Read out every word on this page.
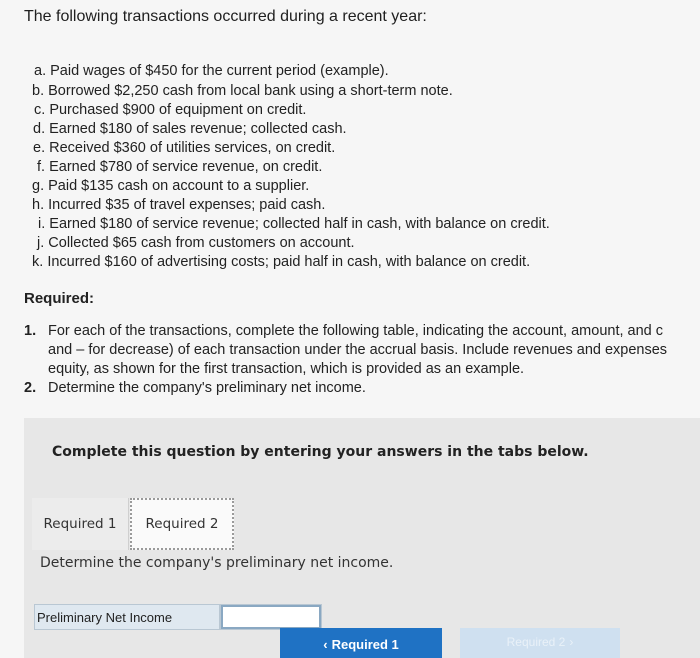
The following transactions occurred during a recent year:
a. Paid wages of $450 for the current period (example).
b. Borrowed $2,250 cash from local bank using a short-term note.
c. Purchased $900 of equipment on credit.
d. Earned $180 of sales revenue; collected cash.
e. Received $360 of utilities services, on credit.
f. Earned $780 of service revenue, on credit.
g. Paid $135 cash on account to a supplier.
h. Incurred $35 of travel expenses; paid cash.
i. Earned $180 of service revenue; collected half in cash, with balance on credit.
j. Collected $65 cash from customers on account.
k. Incurred $160 of advertising costs; paid half in cash, with balance on credit.
Required:
1. For each of the transactions, complete the following table, indicating the account, amount, and c
and – for decrease) of each transaction under the accrual basis. Include revenues and expenses
equity, as shown for the first transaction, which is provided as an example.
2. Determine the company's preliminary net income.
Complete this question by entering your answers in the tabs below.
Required 1	Required 2
Determine the company's preliminary net income.
Preliminary Net Income
‹ Required 1	Required 2 ›
